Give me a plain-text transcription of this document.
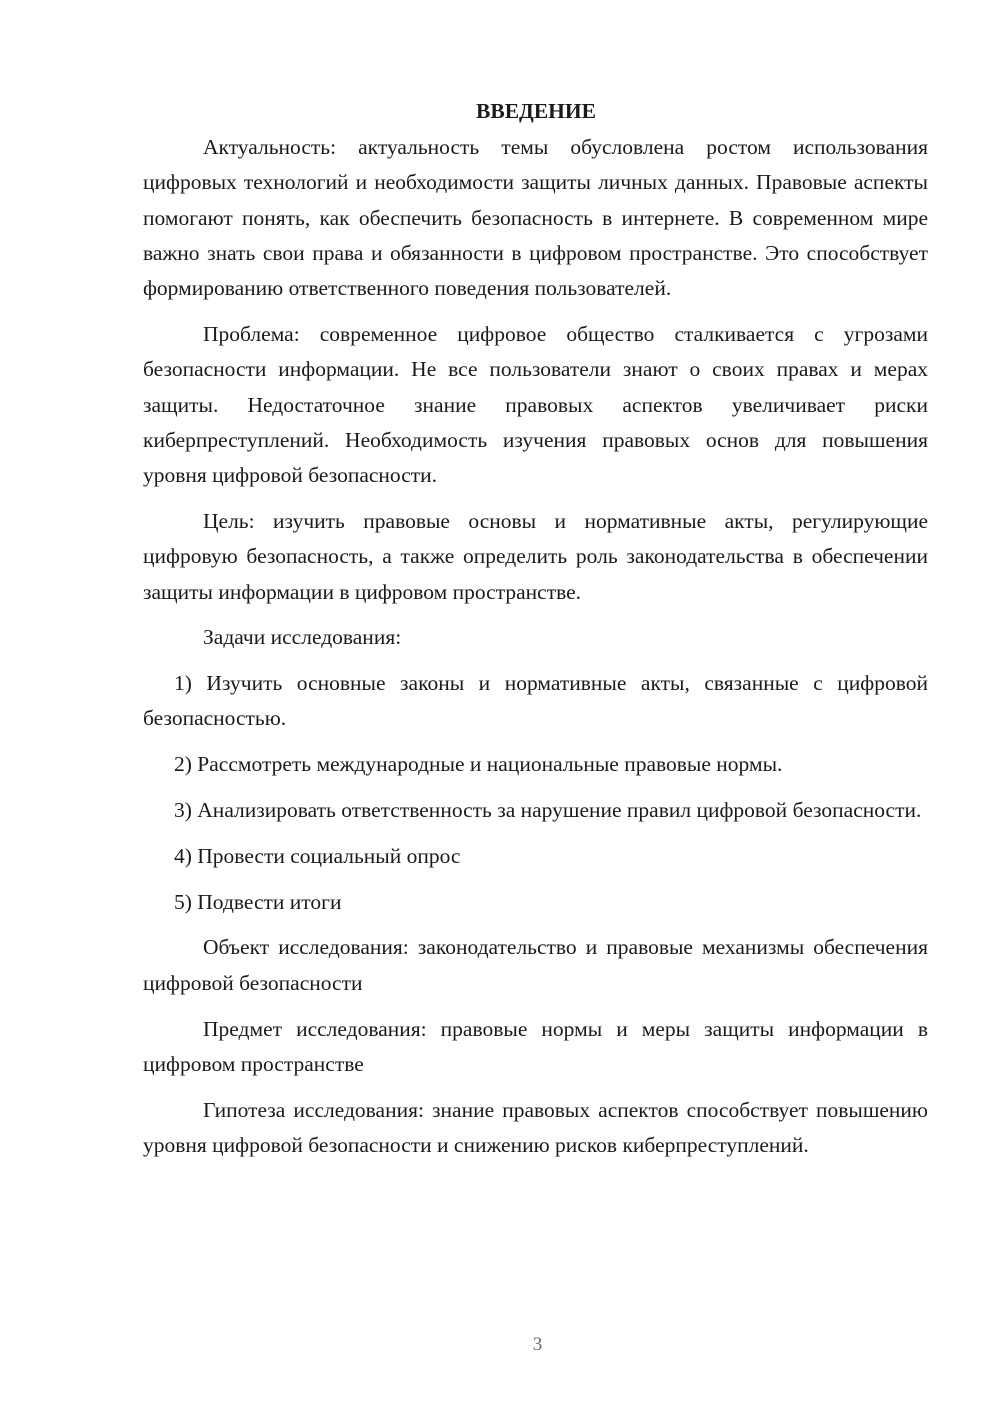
ВВЕДЕНИЕ

Актуальность: актуальность темы обусловлена ростом использования цифровых технологий и необходимости защиты личных данных. Правовые аспекты помогают понять, как обеспечить безопасность в интернете. В современном мире важно знать свои права и обязанности в цифровом пространстве. Это способствует формированию ответственного поведения пользователей.

Проблема: современное цифровое общество сталкивается с угрозами безопасности информации. Не все пользователи знают о своих правах и мерах защиты. Недостаточное знание правовых аспектов увеличивает риски киберпреступлений. Необходимость изучения правовых основ для повышения уровня цифровой безопасности.

Цель: изучить правовые основы и нормативные акты, регулирующие цифровую безопасность, а также определить роль законодательства в обеспечении защиты информации в цифровом пространстве.

Задачи исследования:

1) Изучить основные законы и нормативные акты, связанные с цифровой безопасностью.

2) Рассмотреть международные и национальные правовые нормы.

3) Анализировать ответственность за нарушение правил цифровой безопасности.

4) Провести социальный опрос

5) Подвести итоги

Объект исследования: законодательство и правовые механизмы обеспечения цифровой безопасности

Предмет исследования: правовые нормы и меры защиты информации в цифровом пространстве

Гипотеза исследования: знание правовых аспектов способствует повышению уровня цифровой безопасности и снижению рисков киберпреступлений.

3
